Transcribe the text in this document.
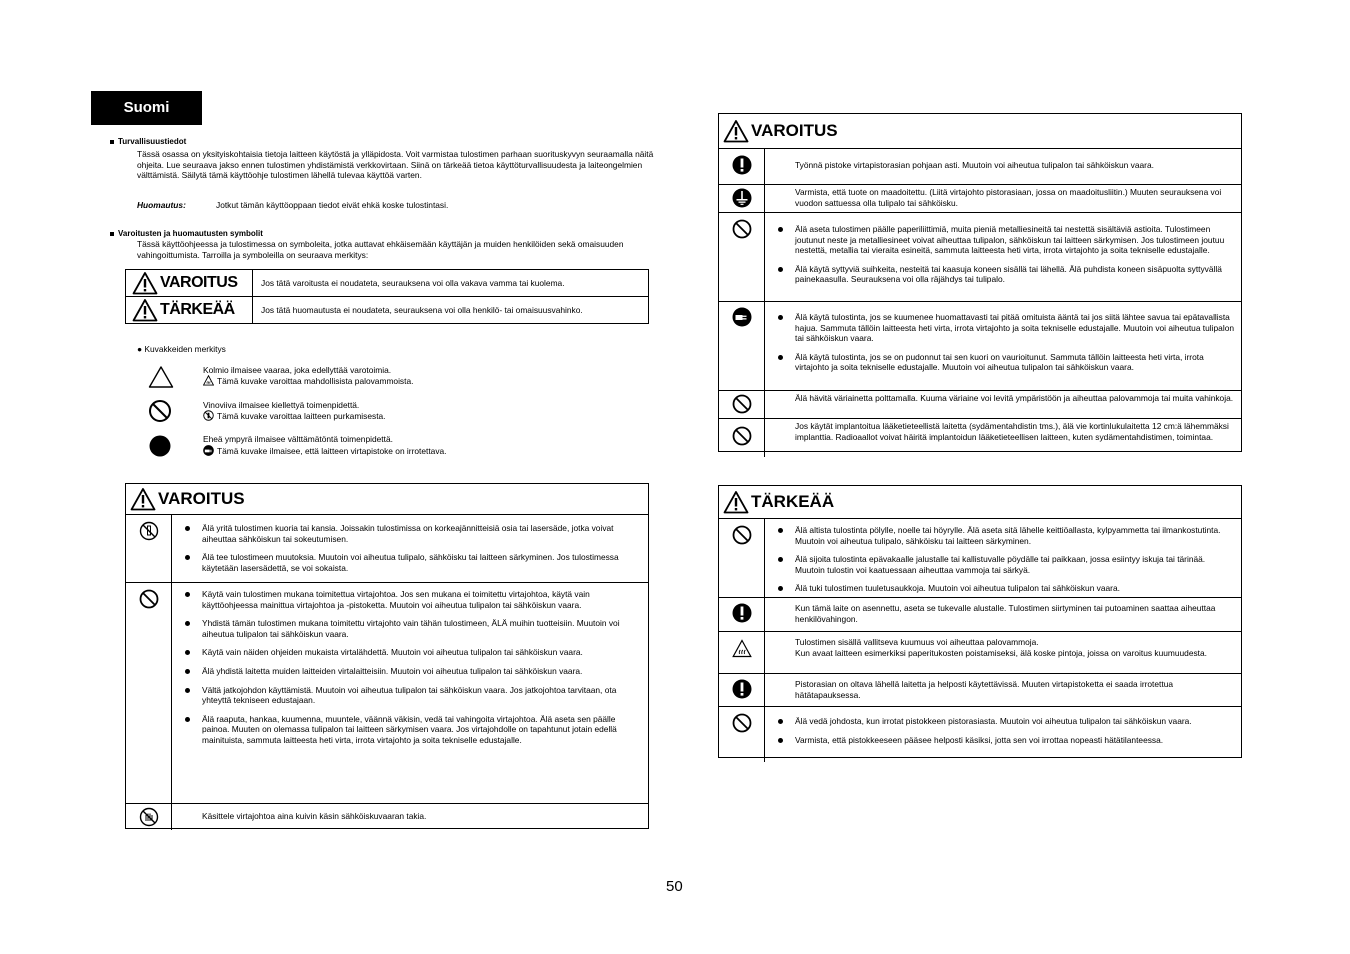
Suomi
Turvallisuustiedot
Tässä osassa on yksityiskohtaisia tietoja laitteen käytöstä ja ylläpidosta. Voit varmistaa tulostimen parhaan suorituskyvyn seuraamalla näitä ohjeita. Lue seuraava jakso ennen tulostimen yhdistämistä verkkovirtaan. Siinä on tärkeää tietoa käyttöturvallisuudesta ja laiteongelmien välttämistä. Säilytä tämä käyttöohje tulostimen lähellä tulevaa käyttöä varten.
Huomautus:	Jotkut tämän käyttöoppaan tiedot eivät ehkä koske tulostintasi.
Varoitusten ja huomautusten symbolit
Tässä käyttöohjeessa ja tulostimessa on symboleita, jotka auttavat ehkäisemään käyttäjän ja muiden henkilöiden sekä omaisuuden vahingoittumista. Tarroilla ja symboleilla on seuraava merkitys:
VAROITUS	Jos tätä varoitusta ei noudateta, seurauksena voi olla vakava vamma tai kuolema.
TÄRKEÄÄ	Jos tätä huomautusta ei noudateta, seurauksena voi olla henkilö- tai omaisuusvahinko.
● Kuvakkeiden merkitys
Kolmio ilmaisee vaaraa, joka edellyttää varotoimia.
Tämä kuvake varoittaa mahdollisista palovammoista.
Vinoviiva ilmaisee kiellettyä toimenpidettä.
Tämä kuvake varoittaa laitteen purkamisesta.
Eheä ympyrä ilmaisee välttämätöntä toimenpidettä.
Tämä kuvake ilmaisee, että laitteen virtapistoke on irrotettava.
VAROITUS
Älä yritä tulostimen kuoria tai kansia. Joissakin tulostimissa on korkeajännitteisiä osia tai lasersäde, jotka voivat aiheuttaa sähköiskun tai sokeutumisen.
Älä tee tulostimeen muutoksia. Muutoin voi aiheutua tulipalo, sähköisku tai laitteen särkyminen. Jos tulostimessa käytetään lasersädettä, se voi sokaista.
Käytä vain tulostimen mukana toimitettua virtajohtoa. Jos sen mukana ei toimitettu virtajohtoa, käytä vain käyttöohjeessa mainittua virtajohtoa ja -pistoketta. Muutoin voi aiheutua tulipalon tai sähköiskun vaara.
Yhdistä tämän tulostimen mukana toimitettu virtajohto vain tähän tulostimeen, ÄLÄ muihin tuotteisiin. Muutoin voi aiheutua tulipalon tai sähköiskun vaara.
Käytä vain näiden ohjeiden mukaista virtalähdettä. Muutoin voi aiheutua tulipalon tai sähköiskun vaara.
Älä yhdistä laitetta muiden laitteiden virtalaitteisiin. Muutoin voi aiheutua tulipalon tai sähköiskun vaara.
Vältä jatkojohdon käyttämistä. Muutoin voi aiheutua tulipalon tai sähköiskun vaara. Jos jatkojohtoa tarvitaan, ota yhteyttä tekniseen edustajaan.
Älä raaputa, hankaa, kuumenna, muuntele, väännä väkisin, vedä tai vahingoita virtajohtoa. Älä aseta sen päälle painoa. Muuten on olemassa tulipalon tai laitteen särkymisen vaara. Jos virtajohdolle on tapahtunut jotain edellä mainituista, sammuta laitteesta heti virta, irrota virtajohto ja soita tekniselle edustajalle.
Käsittele virtajohtoa aina kuivin käsin sähköiskuvaaran takia.
VAROITUS
Työnnä pistoke virtapistorasian pohjaan asti. Muutoin voi aiheutua tulipalon tai sähköiskun vaara.
Varmista, että tuote on maadoitettu. (Liitä virtajohto pistorasiaan, jossa on maadoitusliitin.) Muuten seurauksena voi vuodon sattuessa olla tulipalo tai sähköisku.
Älä aseta tulostimen päälle paperiliittimiä, muita pieniä metalliesineitä tai nestettä sisältäviä astioita. Tulostimeen joutunut neste ja metalliesineet voivat aiheuttaa tulipalon, sähköiskun tai laitteen särkymisen. Jos tulostimeen joutuu nestettä, metallia tai vieraita esineitä, sammuta laitteesta heti virta, irrota virtajohto ja soita tekniselle edustajalle.
Älä käytä syttyviä suihkeita, nesteitä tai kaasuja koneen sisällä tai lähellä. Älä puhdista koneen sisäpuolta syttyvällä painekaasulla. Seurauksena voi olla räjähdys tai tulipalo.
Älä käytä tulostinta, jos se kuumenee huomattavasti tai pitää omituista ääntä tai jos siitä lähtee savua tai epätavallista hajua. Sammuta tällöin laitteesta heti virta, irrota virtajohto ja soita tekniselle edustajalle. Muutoin voi aiheutua tulipalon tai sähköiskun vaara.
Älä käytä tulostinta, jos se on pudonnut tai sen kuori on vaurioitunut. Sammuta tällöin laitteesta heti virta, irrota virtajohto ja soita tekniselle edustajalle. Muutoin voi aiheutua tulipalon tai sähköiskun vaara.
Älä hävitä väriainetta polttamalla. Kuuma väriaine voi levitä ympäristöön ja aiheuttaa palovammoja tai muita vahinkoja.
Jos käytät implantoitua lääketieteellistä laitetta (sydämentahdistin tms.), älä vie kortinlukulaitetta 12 cm:ä lähemmäksi implanttia. Radioaallot voivat häiritä implantoidun lääketieteellisen laitteen, kuten sydämentahdistimen, toimintaa.
TÄRKEÄÄ
Älä altista tulostinta pölylle, noelle tai höyrylle. Älä aseta sitä lähelle keittiöallasta, kylpyammetta tai ilmankostutinta. Muutoin voi aiheutua tulipalo, sähköisku tai laitteen särkyminen.
Älä sijoita tulostinta epävakaalle jalustalle tai kallistuvalle pöydälle tai paikkaan, jossa esiintyy iskuja tai tärinää. Muutoin tulostin voi kaatuessaan aiheuttaa vammoja tai särkyä.
Älä tuki tulostimen tuuletusaukkoja. Muutoin voi aiheutua tulipalon tai sähköiskun vaara.
Kun tämä laite on asennettu, aseta se tukevalle alustalle. Tulostimen siirtyminen tai putoaminen saattaa aiheuttaa henkilövahingon.
Tulostimen sisällä vallitseva kuumuus voi aiheuttaa palovammoja.
Kun avaat laitteen esimerkiksi paperitukosten poistamiseksi, älä koske pintoja, joissa on varoitus kuumuudesta.
Pistorasian on oltava lähellä laitetta ja helposti käytettävissä. Muuten virtapistoketta ei saada irrotettua hätätapauksessa.
Älä vedä johdosta, kun irrotat pistokkeen pistorasiasta. Muutoin voi aiheutua tulipalon tai sähköiskun vaara.
Varmista, että pistokkeeseen pääsee helposti käsiksi, jotta sen voi irrottaa nopeasti hätätilanteessa.
50
